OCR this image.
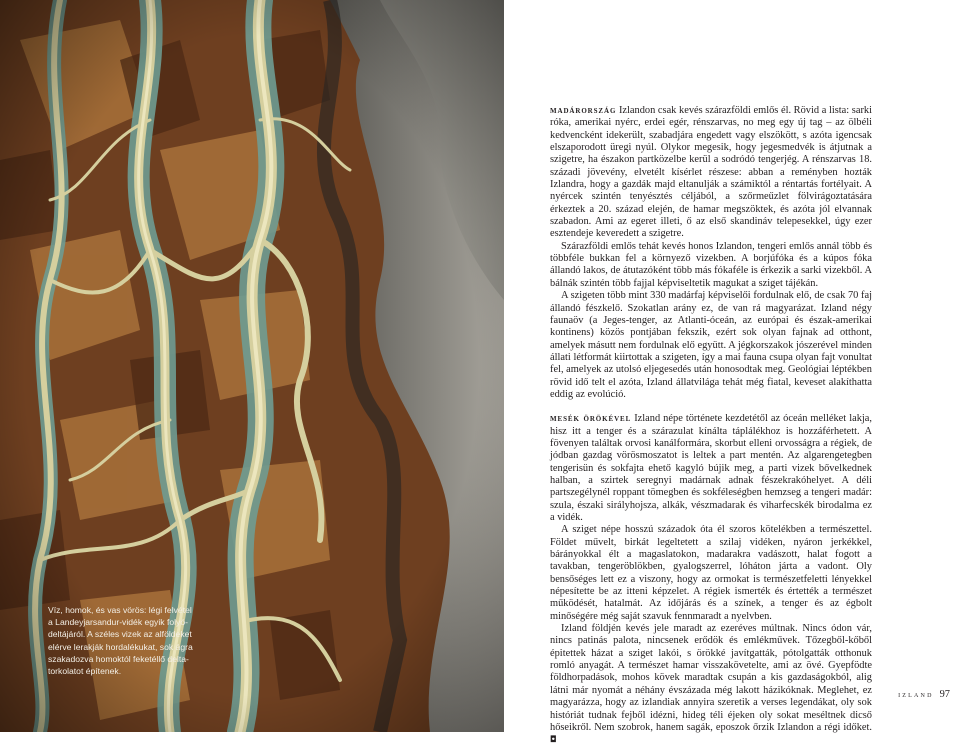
Víz, homok, és vas vörös: légi felvétel a Landeyjarsandur-vidék egyik folyó-deltájáról. A széles vizek az alföldeket elérve lerakják hordalékukat, sok ágra szakadozva homoktól feketéllő delta-torkolatot építenek.

madárország Izlandon csak kevés szárazföldi emlős él. Rövid a lista: sarki róka, amerikai nyérc, erdei egér, rénszarvas, no meg egy új tag – az ölbéli kedvencként idekerült, szabadjára engedett vagy elszökött, s azóta igencsak elszaporodott üregi nyúl. Olykor megesik, hogy jegesmedvék is átjutnak a szigetre, ha északon partközelbe kerül a sodródó tengerjég. A rénszarvas 18. századi jövevény, elvetélt kísérlet részese: abban a reményben hozták Izlandra, hogy a gazdák majd eltanulják a számiktól a réntartás fortélyait. A nyércek szintén tenyésztés céljából, a szőrmeűzlet fölvirágoztatására érkeztek a 20. század elején, de hamar megszöktek, és azóta jól elvannak szabadon. Ami az egeret illeti, ő az első skandináv telepesekkel, úgy ezer esztendeje keveredett a szigetre.

Szárazföldi emlős tehát kevés honos Izlandon, tengeri emlős annál több és többféle bukkan fel a környező vizekben. A borjúfóka és a kúpos fóka állandó lakos, de átutazóként több más fókaféle is érkezik a sarki vizekből. A bálnák szintén több fajjal képviseltetik magukat a sziget tájékán.

A szigeten több mint 330 madárfaj képviselői fordulnak elő, de csak 70 faj állandó fészkelő. Szokatlan arány ez, de van rá magyarázat. Izland négy faunaöv (a Jeges-tenger, az Atlanti-óceán, az európai és észak-amerikai kontinens) közös pontjában fekszik, ezért sok olyan fajnak ad otthont, amelyek másutt nem fordulnak elő együtt. A jégkorszakok jószerével minden állati létformát kiirtottak a szigeten, így a mai fauna csupa olyan fajt vonultat fel, amelyek az utolsó eljegesedés után honosodtak meg. Geológiai léptékben rövid idő telt el azóta, Izland állatvilága tehát még fiatal, keveset alakíthatta eddig az evolúció.

mesék örökével Izland népe története kezdetétől az óceán melléket lakja, hisz itt a tenger és a szárazulat kínálta táplálékhoz is hozzáférhetett. A fövenyen találtak orvosi kanálformára, skorbut elleni orvosságra a régiek, de jódban gazdag vörösmoszatot is leltek a part mentén. Az algarengetegben tengerisün és sokfajta ehető kagyló bújik meg, a parti vizek bővelkednek halban, a szirtek seregnyi madárnak adnak fészekrakóhelyet. A déli partszegélynél roppant tömegben és sokféleségben hemzseg a tengeri madár: szula, északi sirályhojsza, alkák, vészmadarak és viharfecskék birodalma ez a vidék.

A sziget népe hosszú századok óta él szoros kötelékben a természettel. Földet művelt, birkát legeltetett a szilaj vidéken, nyáron jerkékkel, bárányokkal élt a magaslatokon, madarakra vadászott, halat fogott a tavakban, tengeröblökben, gyalogszerrel, lóháton járta a vadont. Oly bensőséges lett ez a viszony, hogy az ormokat is természetfeletti lényekkel népesítette be az itteni képzelet. A régiek ismerték és értették a természet működését, hatalmát. Az időjárás és a színek, a tenger és az égbolt minőségére még saját szavuk fennmaradt a nyelvben.

Izland földjén kevés jele maradt az ezeréves múltnak. Nincs ódon vár, nincs patinás palota, nincsenek erődök és emlékművek. Tőzegből-kőből épitettek házat a sziget lakói, s örökké javítgatták, pótolgatták otthonuk romló anyagát. A természet hamar visszakövetelte, ami az övé. Gyepfödte földhorpadások, mohos kövek maradtak csupán a kis gazdaságokból, alig látni már nyomát a néhány évszázada még lakott házikóknak. Meglehet, ez magyarázza, hogy az izlandiak annyira szeretik a verses legendákat, oly sok históriát tudnak fejből idézni, hideg téli éjeken oly sokat meséltnek dicső hőseikről. Nem szobrok, hanem sagák, eposzok őrzik Izlandon a régi időket. ◘

izland 97
